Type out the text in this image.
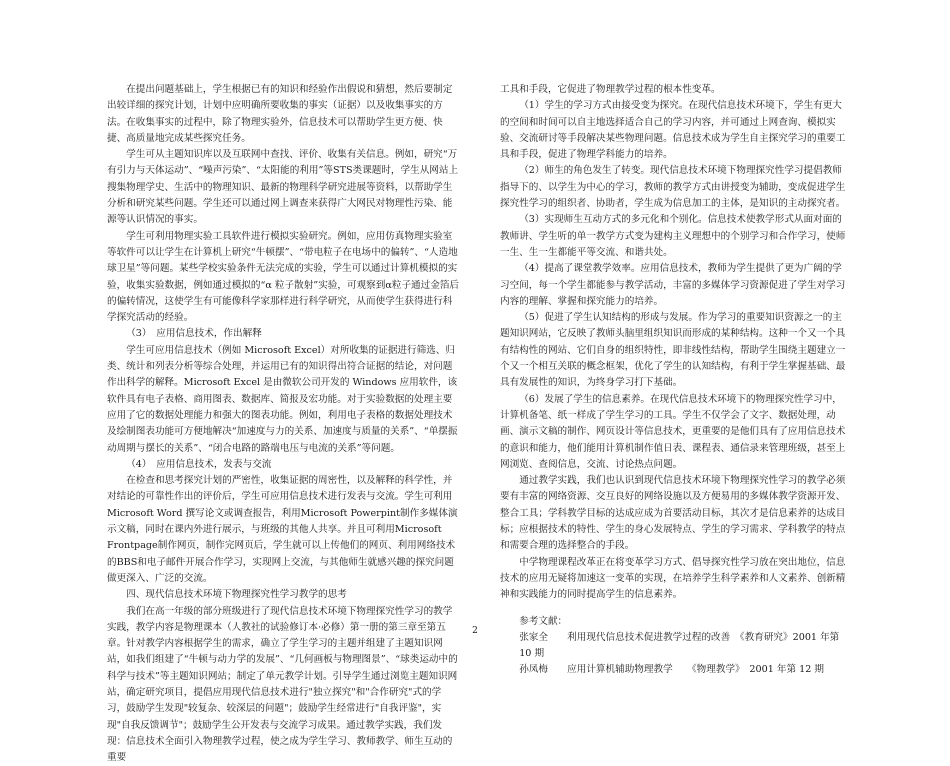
在提出问题基础上，学生根据已有的知识和经验作出假说和猜想，然后要制定出较详细的探究计划，计划中应明确所要收集的事实（证据）以及收集事实的方法。在收集事实的过程中，除了物理实验外，信息技术可以帮助学生更方便、快捷、高质量地完成某些探究任务。

学生可从主题知识库以及互联网中查找、评价、收集有关信息。例如，研究“万有引力与天体运动”、“噪声污染”、“太阳能的利用”等STS类课题时，学生从网站上搜集物理学史、生活中的物理知识、最新的物理科学研究进展等资料，以帮助学生分析和研究某些问题。学生还可以通过网上调查来获得广大网民对物理性污染、能源等认识情况的事实。

学生可利用物理实验工具软件进行模拟实验研究。例如，应用仿真物理实验室等软件可以让学生在计算机上研究“牛顿摆”、“带电粒子在电场中的偏转”、“人造地球卫星”等问题。某些学校实验条件无法完成的实验，学生可以通过计算机模拟的实验，收集实验数据，例如通过模拟的“α 粒子散射”实验，可观察到α粒子通过金箔后的偏转情况，这使学生有可能像科学家那样进行科学研究，从而使学生获得进行科学探究活动的经验。

（3）　应用信息技术，作出解释

学生可应用信息技术（例如 Microsoft Excel）对所收集的证据进行筛选、归类、统计和列表分析等综合处理，并运用已有的知识得出符合证据的结论，对问题作出科学的解释。Microsoft Excel 是由微软公司开发的 Windows 应用软件，该软件具有电子表格、商用图表、数据库、简报及宏功能。对于实验数据的处理主要应用了它的数据处理能力和强大的图表功能。例如，利用电子表格的数据处理技术及绘制图表功能可方便地解决“加速度与力的关系、加速度与质量的关系”、“单摆振动周期与摆长的关系”、“闭合电路的路端电压与电流的关系”等问题。

（4）　应用信息技术，发表与交流

在检查和思考探究计划的严密性，收集证据的周密性，以及解释的科学性，并对结论的可靠性作出的评价后，学生可应用信息技术进行发表与交流。学生可利用Microsoft Word 撰写论文或调查报告，利用Microsoft Powerpint制作多媒体演示文稿，同时在课内外进行展示，与班级的其他人共享。并且可利用Microsoft Frontpage制作网页，制作完网页后，学生就可以上传他们的网页、利用网络技术的BBS和电子邮件开展合作学习，实现网上交流，与其他师生就感兴趣的探究问题做更深入、广泛的交流。

四、现代信息技术环境下物理探究性学习教学的思考

我们在高一年级的部分班级进行了现代信息技术环境下物理探究性学习的教学实践，教学内容是物理课本（人教社的试验修订本·必修）第一册的第三章至第五章。针对教学内容根据学生的需求，确立了学生学习的主题并组建了主题知识网站，如我们组建了“牛顿与动力学的发展”、“几何画板与物理图景”、“球类运动中的科学与技术”等主题知识网站；制定了单元教学计划。引导学生通过浏览主题知识网站，确定研究项目，提倡应用现代信息技术进行"独立探究"和"合作研究"式的学习，鼓励学生发现"较复杂、较深层的问题"；鼓励学生经常进行"自我评鉴"，实现"自我反馈调节"；鼓励学生公开发表与交流学习成果。通过教学实践，我们发现：信息技术全面引入物理教学过程，使之成为学生学习、教师教学、师生互动的重要

工具和手段，它促进了物理教学过程的根本性变革。

（1）学生的学习方式由接受变为探究。在现代信息技术环境下，学生有更大的空间和时间可以自主地选择适合自己的学习内容，并可通过上网查询、模拟实验、交流研讨等手段解决某些物理问题。信息技术成为学生自主探究学习的重要工具和手段，促进了物理学科能力的培养。

（2）师生的角色发生了转变。现代信息技术环境下物理探究性学习提倡教师指导下的、以学生为中心的学习，教师的教学方式由讲授变为辅助，变成促进学生探究性学习的组织者、协助者，学生成为信息加工的主体，是知识的主动探究者。

（3）实现师生互动方式的多元化和个别化。信息技术使教学形式从面对面的教师讲、学生听的单一教学方式变为建构主义理想中的个别学习和合作学习，使师一生、生一生都能平等交流、和谐共处。

（4）提高了课堂教学效率。应用信息技术，教师为学生提供了更为广阔的学习空间，每一个学生都能参与教学活动，丰富的多媒体学习资源促进了学生对学习内容的理解、掌握和探究能力的培养。

（5）促进了学生认知结构的形成与发展。作为学习的重要知识资源之一的主题知识网站，它反映了教师头脑里组织知识而形成的某种结构。这种一个又一个具有结构性的网站、它们自身的组织特性，即非线性结构，帮助学生围绕主题建立一个又一个相互关联的概念框架，优化了学生的认知结构，有利于学生掌握基础、最具有发展性的知识，为终身学习打下基础。

（6）发展了学生的信息素养。在现代信息技术环境下的物理探究性学习中，计算机备笔、纸一样成了学生学习的工具。学生不仅学会了文字、数据处理，动画、演示文稿的制作、网页设计等信息技术，更重要的是他们具有了应用信息技术的意识和能力，他们能用计算机制作值日表、课程表、通信录来管理班级，甚至上网浏览、查阅信息，交流、讨论热点问题。

通过教学实践，我们也认识到现代信息技术环境下物理探究性学习的教学必须要有丰富的网络资源、交互良好的网络设施以及方便易用的多媒体教学资源开发、整合工具；学科教学目标的达成应成为首要活动目标，其次才是信息素养的达成目标；应根据技术的特性、学生的身心发展特点、学生的学习需求、学科教学的特点和需要合理的选择整合的手段。

中学物理课程改革正在将变革学习方式、倡导探究性学习放在突出地位，信息技术的应用无疑将加速这一变革的实现，在培养学生科学素养和人文素养、创新精神和实践能力的同时提高学生的信息素养。

参考文献：

张家全　　利用现代信息技术促进教学过程的改善　《教育研究》2001 年第 10 期

孙凤梅　　应用计算机辅助物理教学　　《物理教学》　2001 年第 12 期

2
